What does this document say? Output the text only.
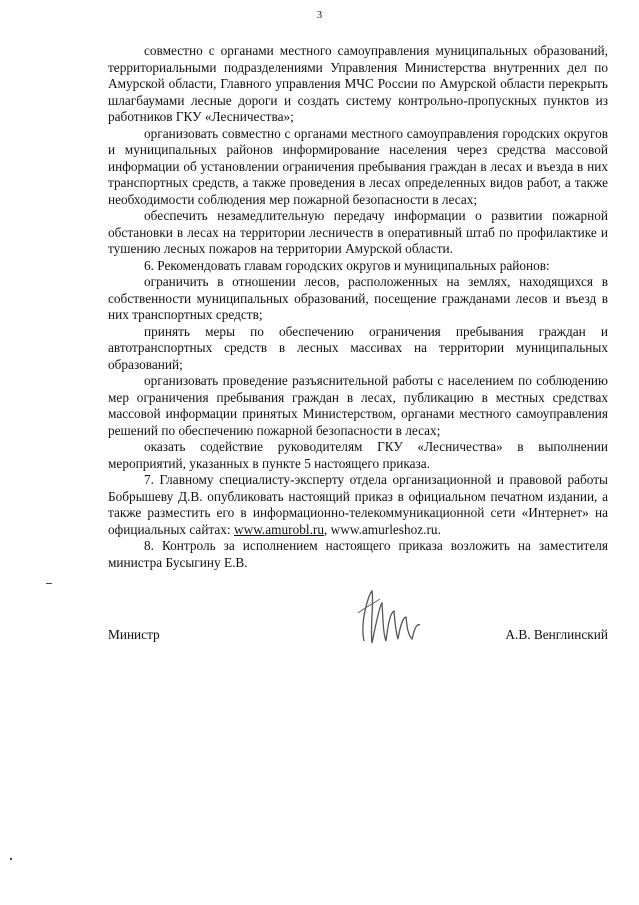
3

совместно с органами местного самоуправления муниципальных образований, территориальными подразделениями Управления Министерства внутренних дел по Амурской области, Главного управления МЧС России по Амурской области перекрыть шлагбаумами лесные дороги и создать систему контрольно-пропускных пунктов из работников ГКУ «Лесничества»;

организовать совместно с органами местного самоуправления городских округов и муниципальных районов информирование населения через средства массовой информации об установлении ограничения пребывания граждан в лесах и въезда в них транспортных средств, а также проведения в лесах определенных видов работ, а также необходимости соблюдения мер пожарной безопасности в лесах;

обеспечить незамедлительную передачу информации о развитии пожарной обстановки в лесах на территории лесничеств в оперативный штаб по профилактике и тушению лесных пожаров на территории Амурской области.

6. Рекомендовать главам городских округов и муниципальных районов:

ограничить в отношении лесов, расположенных на землях, находящихся в собственности муниципальных образований, посещение гражданами лесов и въезд в них транспортных средств;

принять меры по обеспечению ограничения пребывания граждан и автотранспортных средств в лесных массивах на территории муниципальных образований;

организовать проведение разъяснительной работы с населением по соблюдению мер ограничения пребывания граждан в лесах, публикацию в местных средствах массовой информации принятых Министерством, органами местного самоуправления решений по обеспечению пожарной безопасности в лесах;

оказать содействие руководителям ГКУ «Лесничества» в выполнении мероприятий, указанных в пункте 5 настоящего приказа.

7. Главному специалисту-эксперту отдела организационной и правовой работы Бобрышеву Д.В. опубликовать настоящий приказ в официальном печатном издании, а также разместить его в информационно-телекоммуникационной сети «Интернет» на официальных сайтах: www.amurobl.ru, www.amurleshoz.ru.

8. Контроль за исполнением настоящего приказа возложить на заместителя министра Бусыгину Е.В.

Министр	А.В. Венглинский
